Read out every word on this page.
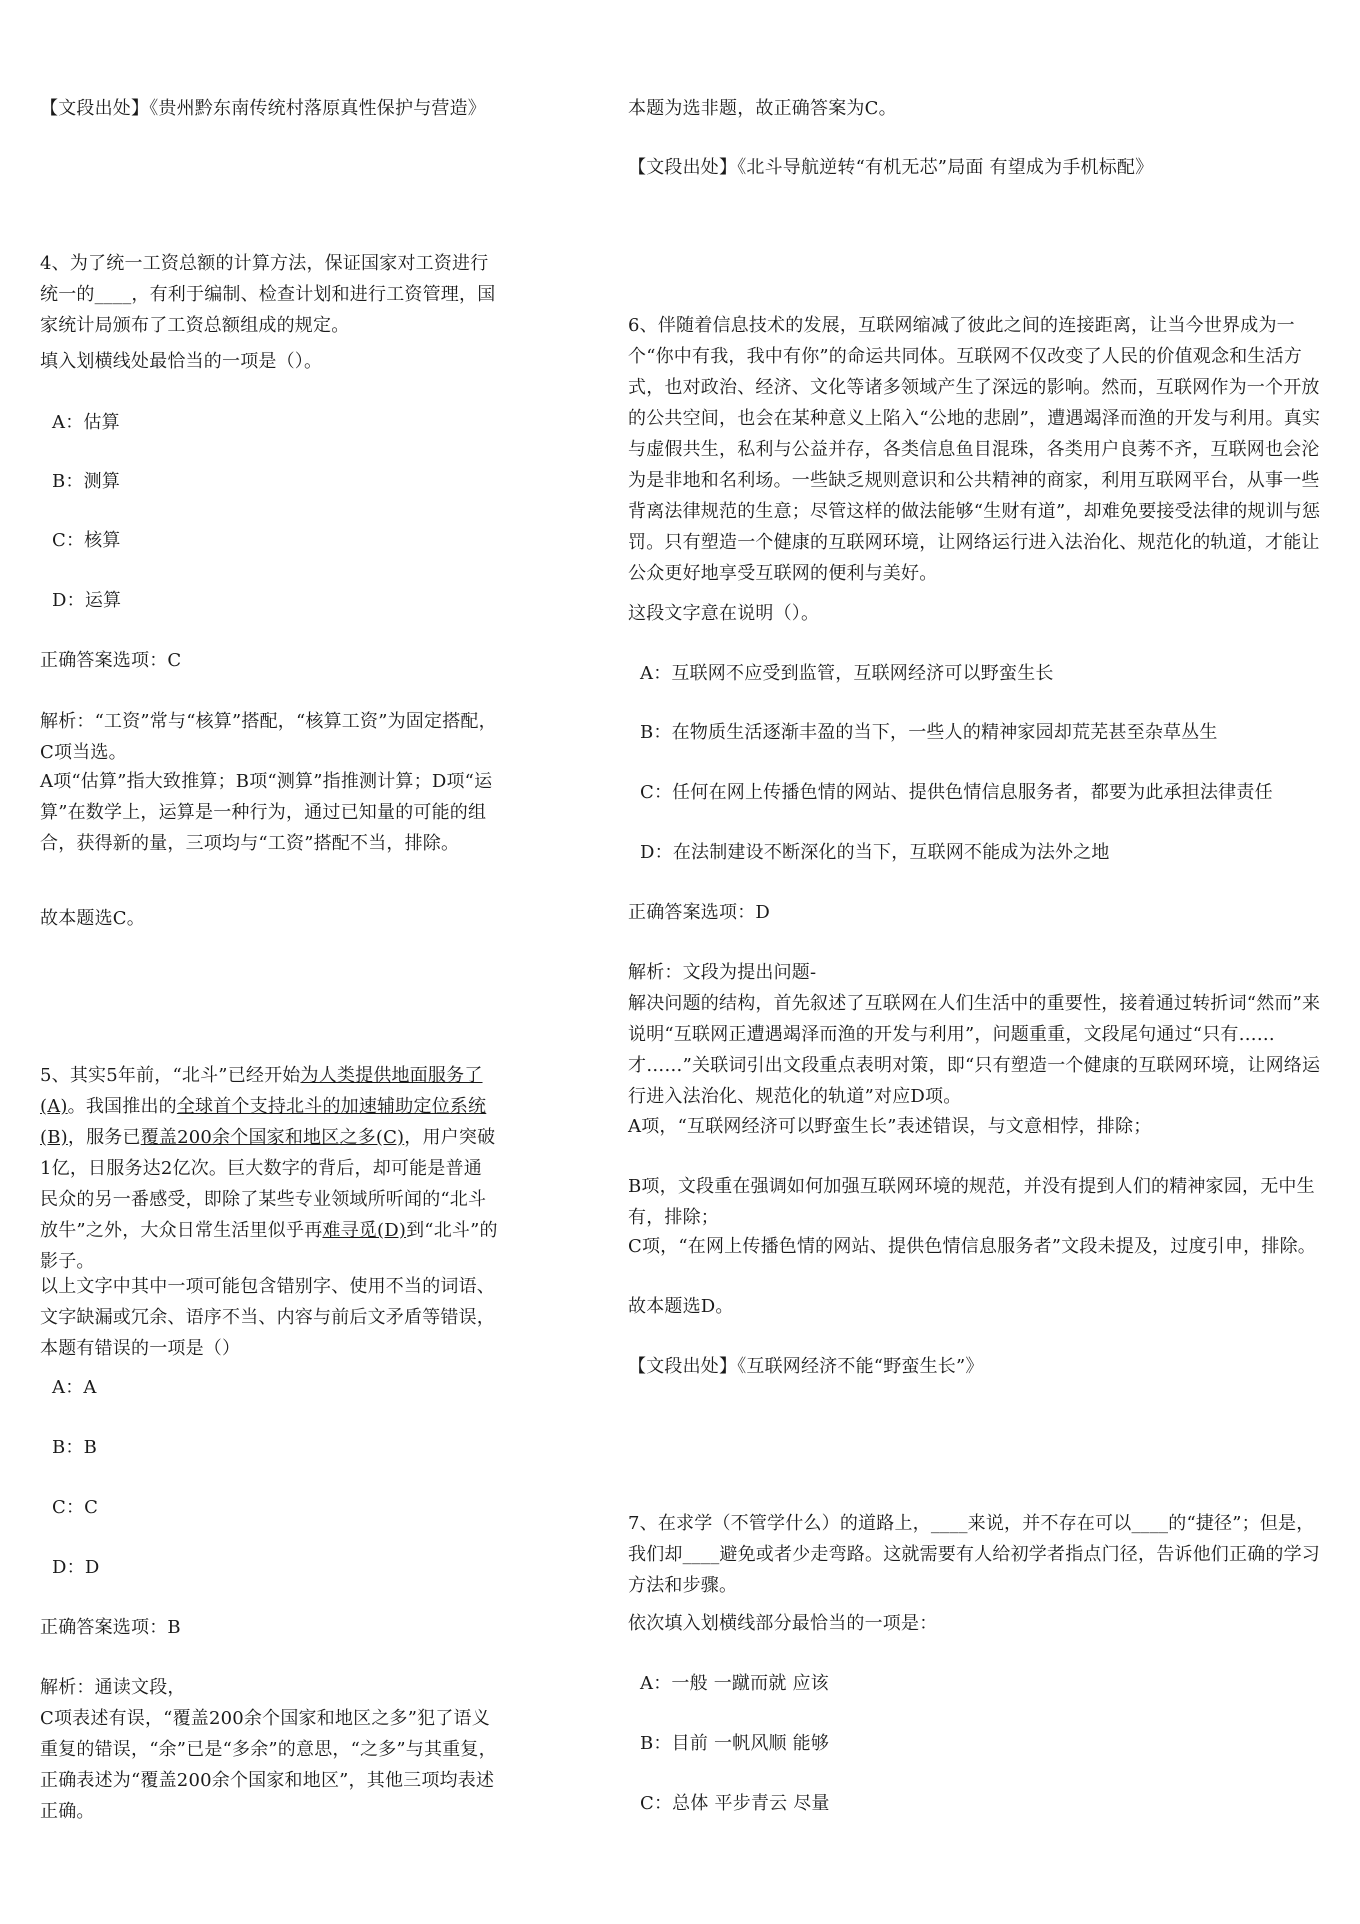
【文段出处】《贵州黔东南传统村落原真性保护与营造》
4、为了统一工资总额的计算方法，保证国家对工资进行统一的____，有利于编制、检查计划和进行工资管理，国家统计局颁布了工资总额组成的规定。
填入划横线处最恰当的一项是（）。
A：估算
B：测算
C：核算
D：运算
正确答案选项：C
解析：“工资”常与“核算”搭配，“核算工资”为固定搭配，C项当选。
A项“估算”指大致推算；B项“测算”指推测计算；D项“运算”在数学上，运算是一种行为，通过已知量的可能的组合，获得新的量，三项均与“工资”搭配不当，排除。
故本题选C。
5、其实5年前，“北斗”已经开始为人类提供地面服务了(A)。我国推出的全球首个支持北斗的加速辅助定位系统(B)，服务已覆盖200余个国家和地区之多(C)，用户突破1亿，日服务达2亿次。巨大数字的背后，却可能是普通民众的另一番感受，即除了某些专业领域所听闻的“北斗放牛”之外，大众日常生活里似乎再难寻觅(D)到“北斗”的影子。
以上文字中其中一项可能包含错别字、使用不当的词语、文字缺漏或冗余、语序不当、内容与前后文矛盾等错误，本题有错误的一项是（）
A：A
B：B
C：C
D：D
正确答案选项：B
解析：通读文段，
C项表述有误，“覆盖200余个国家和地区之多”犯了语义重复的错误，“余”已是“多余”的意思，“之多”与其重复，正确表述为“覆盖200余个国家和地区”，其他三项均表述正确。
本题为选非题，故正确答案为C。
【文段出处】《北斗导航逆转“有机无芯”局面 有望成为手机标配》
6、伴随着信息技术的发展，互联网缩减了彼此之间的连接距离，让当今世界成为一个“你中有我，我中有你”的命运共同体。互联网不仅改变了人民的价值观念和生活方式，也对政治、经济、文化等诸多领域产生了深远的影响。然而，互联网作为一个开放的公共空间，也会在某种意义上陷入“公地的悲剧”，遭遇竭泽而渔的开发与利用。真实与虚假共生，私利与公益并存，各类信息鱼目混珠，各类用户良莠不齐，互联网也会沦为是非地和名利场。一些缺乏规则意识和公共精神的商家，利用互联网平台，从事一些背离法律规范的生意；尽管这样的做法能够“生财有道”，却难免要接受法律的规训与惩罚。只有塑造一个健康的互联网环境，让网络运行进入法治化、规范化的轨道，才能让公众更好地享受互联网的便利与美好。
这段文字意在说明（）。
A：互联网不应受到监管，互联网经济可以野蛮生长
B：在物质生活逐渐丰盈的当下，一些人的精神家园却荒芜甚至杂草丛生
C：任何在网上传播色情的网站、提供色情信息服务者，都要为此承担法律责任
D：在法制建设不断深化的当下，互联网不能成为法外之地
正确答案选项：D
解析：文段为提出问题-
解决问题的结构，首先叙述了互联网在人们生活中的重要性，接着通过转折词“然而”来说明“互联网正遭遇竭泽而渔的开发与利用”，问题重重，文段尾句通过“只有……才……”关联词引出文段重点表明对策，即“只有塑造一个健康的互联网环境，让网络运行进入法治化、规范化的轨道”对应D项。
A项，“互联网经济可以野蛮生长”表述错误，与文意相悖，排除；
B项，文段重在强调如何加强互联网环境的规范，并没有提到人们的精神家园，无中生有，排除；
C项，“在网上传播色情的网站、提供色情信息服务者”文段未提及，过度引申，排除。
故本题选D。
【文段出处】《互联网经济不能“野蛮生长”》
7、在求学（不管学什么）的道路上，____来说，并不存在可以____的“捷径”；但是，我们却____避免或者少走弯路。这就需要有人给初学者指点门径，告诉他们正确的学习方法和步骤。
依次填入划横线部分最恰当的一项是：
A：一般 一蹴而就 应该
B：目前 一帆风顺 能够
C：总体 平步青云 尽量
